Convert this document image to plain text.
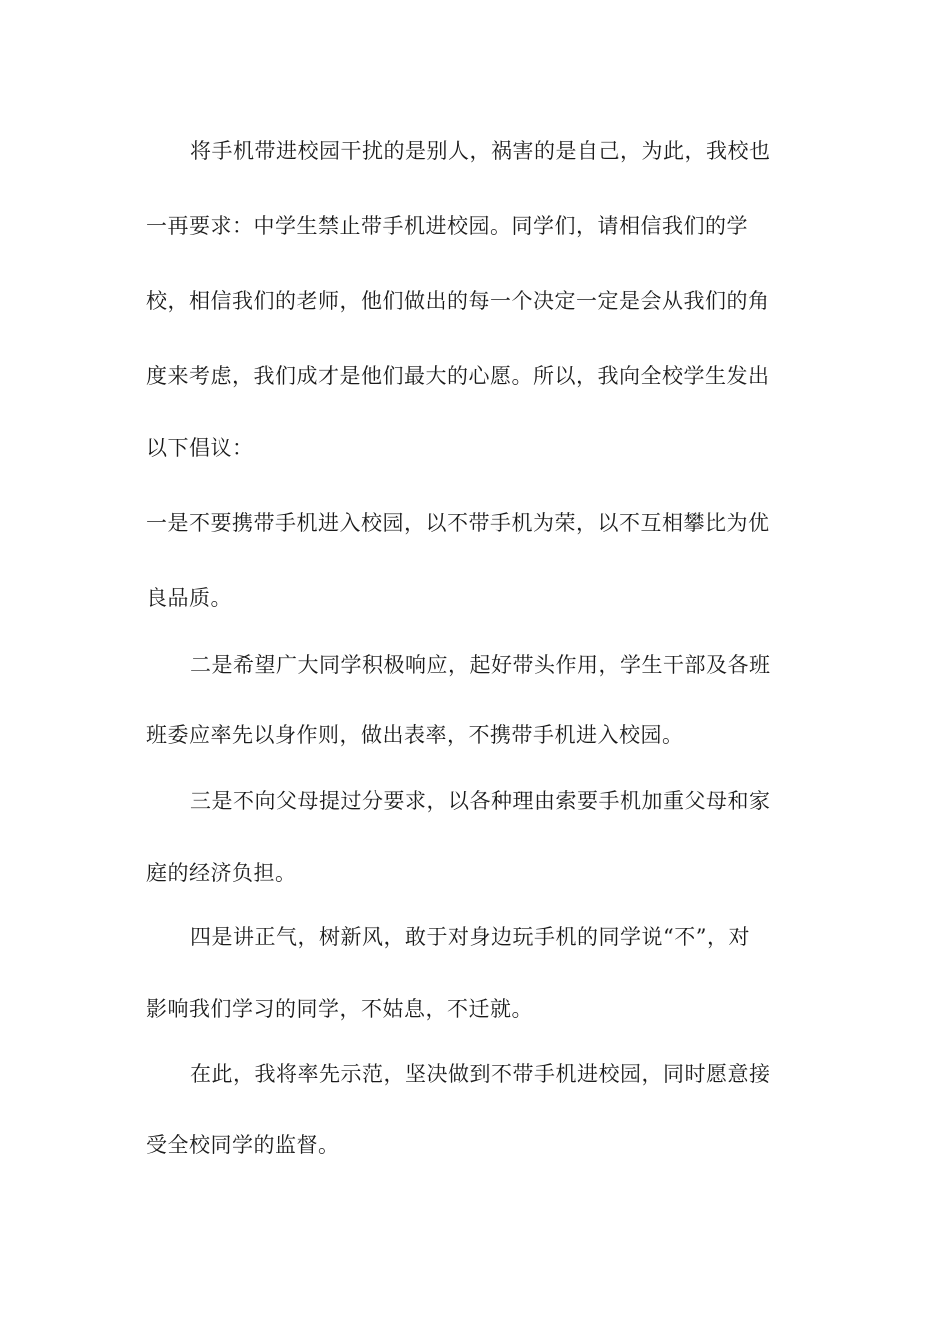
将手机带进校园干扰的是别人，祸害的是自己，为此，我校也
一再要求：中学生禁止带手机进校园。同学们，请相信我们的学
校，相信我们的老师，他们做出的每一个决定一定是会从我们的角
度来考虑，我们成才是他们最大的心愿。所以，我向全校学生发出
以下倡议：
一是不要携带手机进入校园，以不带手机为荣，以不互相攀比为优
良品质。
二是希望广大同学积极响应，起好带头作用，学生干部及各班
班委应率先以身作则，做出表率，不携带手机进入校园。
三是不向父母提过分要求，以各种理由索要手机加重父母和家
庭的经济负担。
四是讲正气，树新风，敢于对身边玩手机的同学说“不”，对
影响我们学习的同学，不姑息，不迁就。
在此，我将率先示范，坚决做到不带手机进校园，同时愿意接
受全校同学的监督。
